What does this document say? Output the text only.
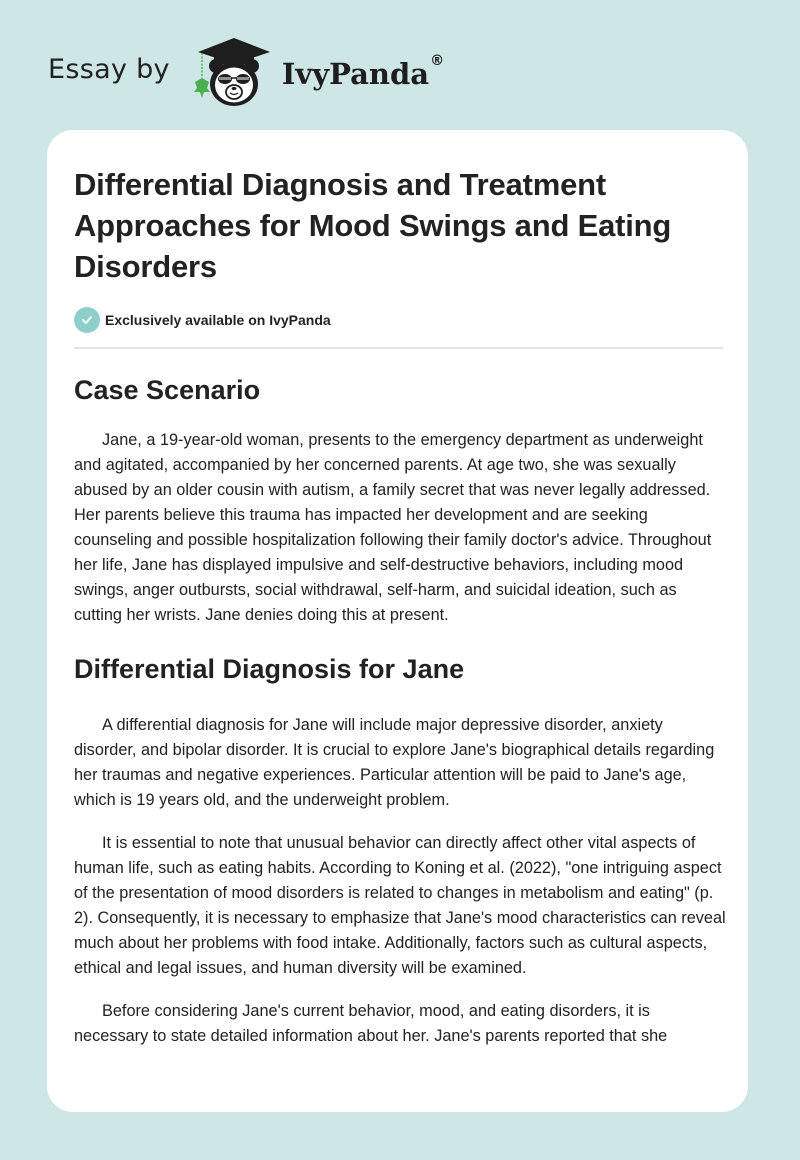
Essay by	IvyPanda®
Differential Diagnosis and Treatment Approaches for Mood Swings and Eating Disorders
Exclusively available on IvyPanda
Case Scenario

Jane, a 19-year-old woman, presents to the emergency department as underweight and agitated, accompanied by her concerned parents. At age two, she was sexually abused by an older cousin with autism, a family secret that was never legally addressed. Her parents believe this trauma has impacted her development and are seeking counseling and possible hospitalization following their family doctor's advice. Throughout her life, Jane has displayed impulsive and self-destructive behaviors, including mood swings, anger outbursts, social withdrawal, self-harm, and suicidal ideation, such as cutting her wrists. Jane denies doing this at present.

Differential Diagnosis for Jane

A differential diagnosis for Jane will include major depressive disorder, anxiety disorder, and bipolar disorder. It is crucial to explore Jane's biographical details regarding her traumas and negative experiences. Particular attention will be paid to Jane's age, which is 19 years old, and the underweight problem.

It is essential to note that unusual behavior can directly affect other vital aspects of human life, such as eating habits. According to Koning et al. (2022), "one intriguing aspect of the presentation of mood disorders is related to changes in metabolism and eating" (p. 2). Consequently, it is necessary to emphasize that Jane's mood characteristics can reveal much about her problems with food intake. Additionally, factors such as cultural aspects, ethical and legal issues, and human diversity will be examined.

Before considering Jane's current behavior, mood, and eating disorders, it is necessary to state detailed information about her. Jane's parents reported that she
